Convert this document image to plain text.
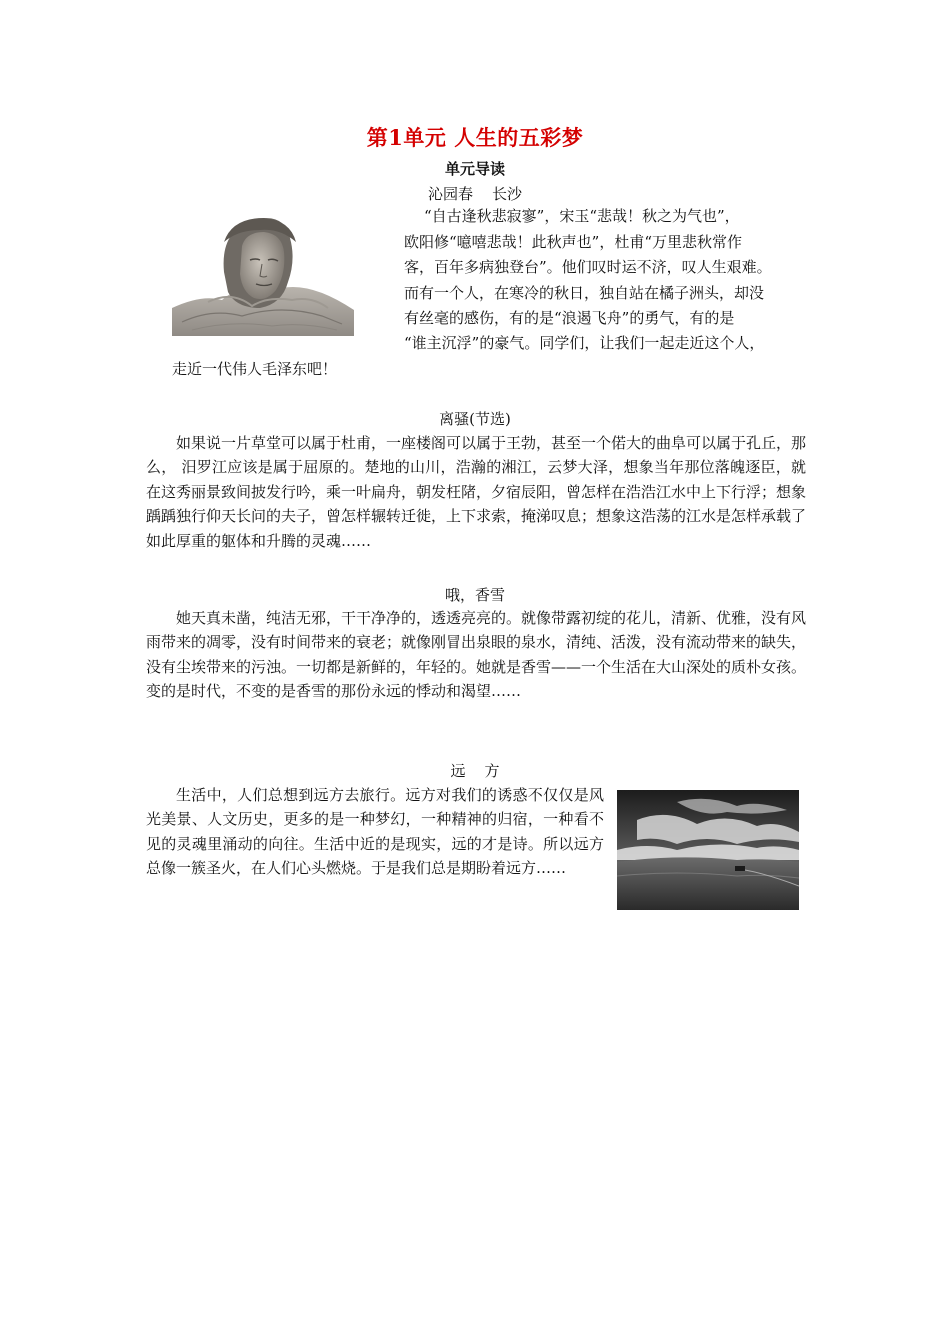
第1单元 人生的五彩梦
单元导读
沁园春    长沙
“自古逢秋悲寂寥”，宋玉“悲哉！秋之为气也”，
欧阳修“噫嘻悲哉！此秋声也”，杜甫“万里悲秋常作
客，百年多病独登台”。他们叹时运不济，叹人生艰难。
而有一个人，在寒冷的秋日，独自站在橘子洲头，却没
有丝毫的感伤，有的是“浪遏飞舟”的勇气，有的是
“谁主沉浮”的豪气。同学们，让我们一起走近这个人，
走近一代伟人毛泽东吧！
离骚(节选)
如果说一片草堂可以属于杜甫，一座楼阁可以属于王勃，甚至一个偌大的曲阜可以属于孔丘，那么， 汨罗江应该是属于屈原的。楚地的山川，浩瀚的湘江，云梦大泽，想象当年那位落魄逐臣，就在这秀丽景致间披发行吟，乘一叶扁舟，朝发枉陼，夕宿辰阳，曾怎样在浩浩江水中上下行浮；想象踽踽独行仰天长问的夫子，曾怎样辗转迁徙，上下求索，掩涕叹息；想象这浩荡的江水是怎样承载了如此厚重的躯体和升腾的灵魂……
哦，香雪
她天真未凿，纯洁无邪，干干净净的，透透亮亮的。就像带露初绽的花儿，清新、优雅，没有风雨带来的凋零，没有时间带来的衰老；就像刚冒出泉眼的泉水，清纯、活泼，没有流动带来的缺失，没有尘埃带来的污浊。一切都是新鲜的，年轻的。她就是香雪——一个生活在大山深处的质朴女孩。变的是时代，不变的是香雪的那份永远的悸动和渴望……
远    方
生活中，人们总想到远方去旅行。远方对我们的诱惑不仅仅是风光美景、人文历史，更多的是一种梦幻，一种精神的归宿，一种看不见的灵魂里涌动的向往。生活中近的是现实，远的才是诗。所以远方总像一簇圣火，在人们心头燃烧。于是我们总是期盼着远方……
